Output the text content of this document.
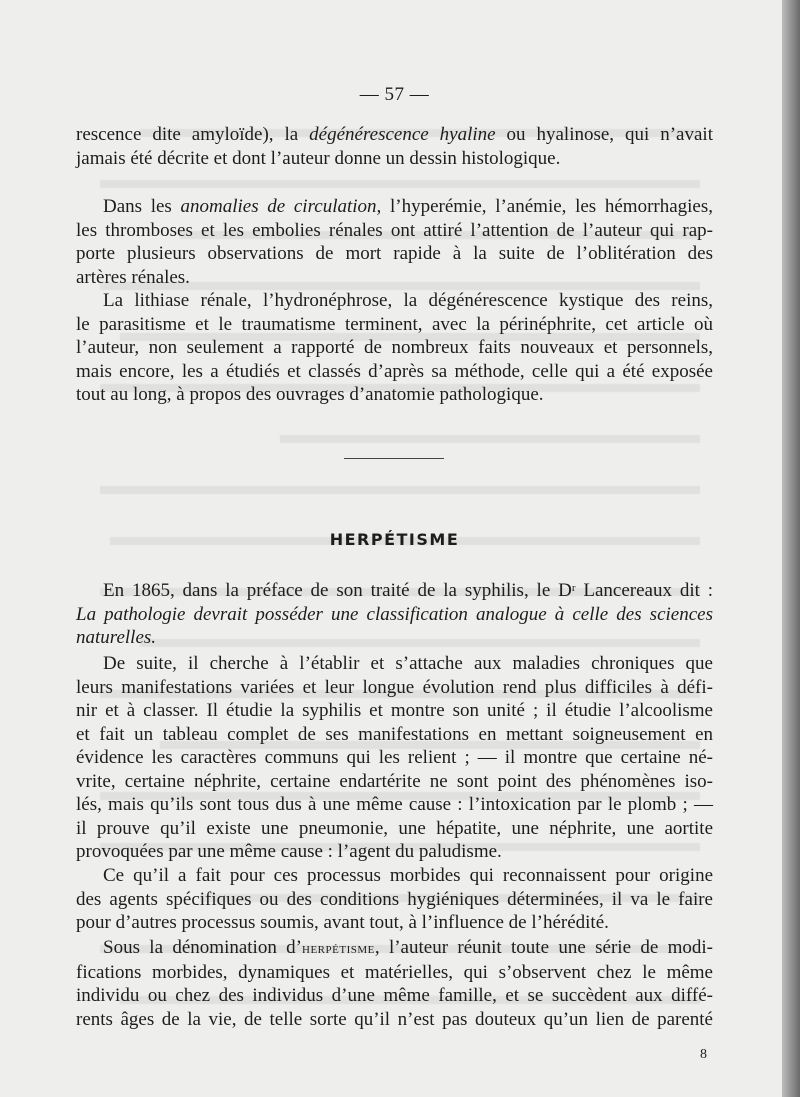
— 57 —
rescence dite amyloïde), la dégénérescence hyaline ou hyalinose, qui n’avait
jamais été décrite et dont l’auteur donne un dessin histologique.
Dans les anomalies de circulation, l’hyperémie, l’anémie, les hémorrhagies,
les thromboses et les embolies rénales ont attiré l’attention de l’auteur qui rap-
porte plusieurs observations de mort rapide à la suite de l’oblitération des
artères rénales.
La lithiase rénale, l’hydronéphrose, la dégénérescence kystique des reins,
le parasitisme et le traumatisme terminent, avec la périnéphrite, cet article où
l’auteur, non seulement a rapporté de nombreux faits nouveaux et personnels,
mais encore, les a étudiés et classés d’après sa méthode, celle qui a été exposée
tout au long, à propos des ouvrages d’anatomie pathologique.
HERPÉTISME
En 1865, dans la préface de son traité de la syphilis, le $D^r$ Lancereaux dit :
La pathologie devrait posséder une classification analogue à celle des sciences
naturelles.
De suite, il cherche à l’établir et s’attache aux maladies chroniques que
leurs manifestations variées et leur longue évolution rend plus difficiles à défi-
nir et à classer. Il étudie la syphilis et montre son unité ; il étudie l’alcoolisme
et fait un tableau complet de ses manifestations en mettant soigneusement en
évidence les caractères communs qui les relient ; — il montre que certaine né-
vrite, certaine néphrite, certaine endartérite ne sont point des phénomènes iso-
lés, mais qu’ils sont tous dus à une même cause : l’intoxication par le plomb ; —
il prouve qu’il existe une pneumonie, une hépatite, une néphrite, une aortite
provoquées par une même cause : l’agent du paludisme.
Ce qu’il a fait pour ces processus morbides qui reconnaissent pour origine
des agents spécifiques ou des conditions hygiéniques déterminées, il va le faire
pour d’autres processus soumis, avant tout, à l’influence de l’hérédité.
Sous la dénomination d’herpétisme, l’auteur réunit toute une série de modi-
fications morbides, dynamiques et matérielles, qui s’observent chez le même
individu ou chez des individus d’une même famille, et se succèdent aux diffé-
rents âges de la vie, de telle sorte qu’il n’est pas douteux qu’un lien de parenté
8
